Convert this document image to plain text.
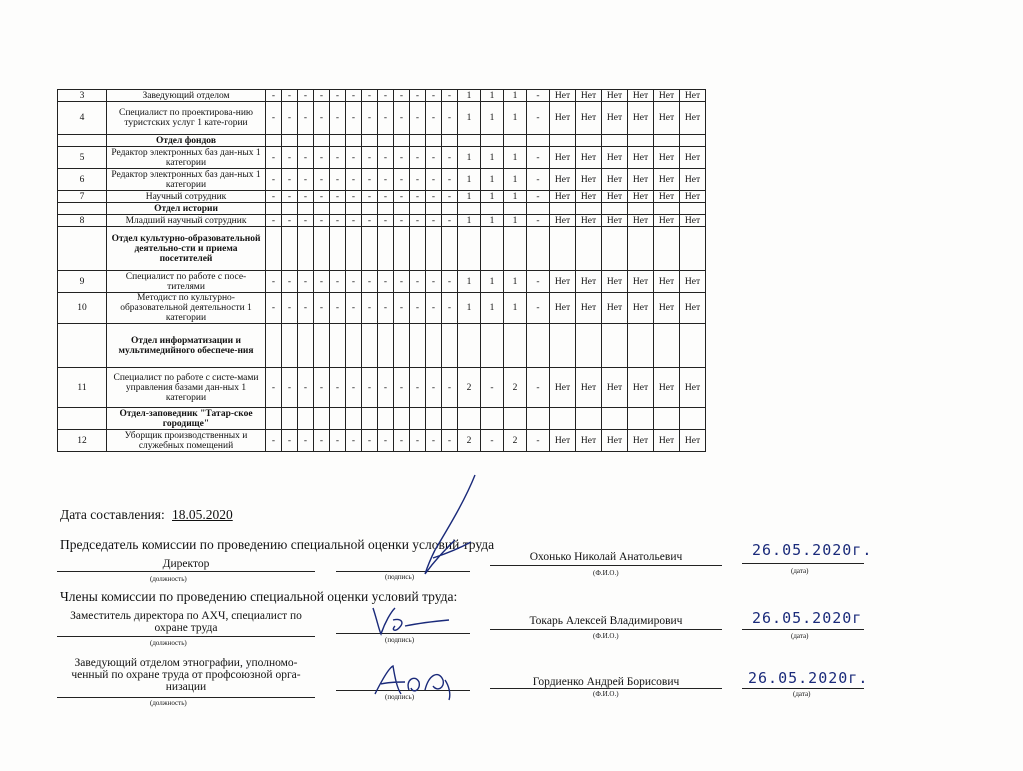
3	Заведующий отделом	-	-	-	-	-	-	-	-	-	-	-	-	1	1	1	-	Нет	Нет	Нет	Нет	Нет	Нет
4	Специалист по проектирова-нию туристских услуг 1 кате-гории	-	-	-	-	-	-	-	-	-	-	-	-	1	1	1	-	Нет	Нет	Нет	Нет	Нет	Нет
	Отдел фондов																						
5	Редактор электронных баз дан-ных 1 категории	-	-	-	-	-	-	-	-	-	-	-	-	1	1	1	-	Нет	Нет	Нет	Нет	Нет	Нет
6	Редактор электронных баз дан-ных 1 категории	-	-	-	-	-	-	-	-	-	-	-	-	1	1	1	-	Нет	Нет	Нет	Нет	Нет	Нет
7	Научный сотрудник	-	-	-	-	-	-	-	-	-	-	-	-	1	1	1	-	Нет	Нет	Нет	Нет	Нет	Нет
	Отдел истории																						
8	Младший научный сотрудник	-	-	-	-	-	-	-	-	-	-	-	-	1	1	1	-	Нет	Нет	Нет	Нет	Нет	Нет
	Отдел культурно-образовательной деятельно-сти и приема посетителей																						
9	Специалист по работе с посе-тителями	-	-	-	-	-	-	-	-	-	-	-	-	1	1	1	-	Нет	Нет	Нет	Нет	Нет	Нет
10	Методист по культурно-образовательной деятельности 1 категории	-	-	-	-	-	-	-	-	-	-	-	-	1	1	1	-	Нет	Нет	Нет	Нет	Нет	Нет
	Отдел информатизации и мультимедийного обеспече-ния																						
11	Специалист по работе с систе-мами управления базами дан-ных 1 категории	-	-	-	-	-	-	-	-	-	-	-	-	2	-	2	-	Нет	Нет	Нет	Нет	Нет	Нет
	Отдел-заповедник "Татар-ское городище"																						
12	Уборщик производственных и служебных помещений	-	-	-	-	-	-	-	-	-	-	-	-	2	-	2	-	Нет	Нет	Нет	Нет	Нет	Нет
Дата составления: 18.05.2020
Председатель комиссии по проведению специальной оценки условий труда
Директор
(должность)	(подпись)
Охонько Николай Анатольевич
(Ф.И.О.)
26.05.2020г.
(дата)
Члены комиссии по проведению специальной оценки условий труда:
Заместитель директора по АХЧ, специалист по охране труда
(должность)	(подпись)
Токарь Алексей Владимирович
(Ф.И.О.)
26.05.2020г
(дата)
Заведующий отделом этнографии, уполномо-ченный по охране труда от профсоюзной орга-низации
(должность)
(подпись)
Гордиенко Андрей Борисович
(Ф.И.О.)
26.05.2020г.
(дата)
